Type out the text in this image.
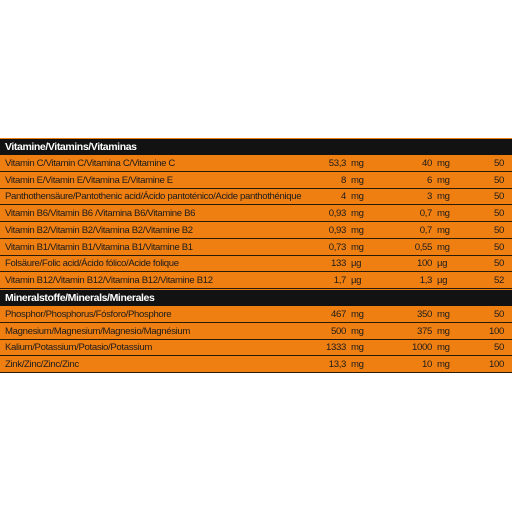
Vitamine/Vitamins/Vitaminas
Vitamin C/Vitamin C/Vitamina C/Vitamine C	53,3 mg	40 mg	50
Vitamin E/Vitamin E/Vitamina E/Vitamine E	8 mg	6 mg	50
Panthothensäure/Pantothenic acid/Ácido pantoténico/Acide panthothénique	4 mg	3 mg	50
Vitamin B6/Vitamin B6 /Vitamina B6/Vitamine B6	0,93 mg	0,7 mg	50
Vitamin B2/Vitamin B2/Vitamina B2/Vitamine B2	0,93 mg	0,7 mg	50
Vitamin B1/Vitamin B1/Vitamina B1/Vitamine B1	0,73 mg	0,55 mg	50
Folsäure/Folic acid/Ácido fólico/Acide folique	133 µg	100 µg	50
Vitamin B12/Vitamin B12/Vitamina B12/Vitamine B12	1,7 µg	1,3 µg	52
Mineralstoffe/Minerals/Minerales
Phosphor/Phosphorus/Fósforo/Phosphore	467 mg	350 mg	50
Magnesium/Magnesium/Magnesio/Magnésium	500 mg	375 mg	100
Kalium/Potassium/Potasio/Potassium	1333 mg	1000 mg	50
Zink/Zinc/Zinc/Zinc	13,3 mg	10 mg	100
